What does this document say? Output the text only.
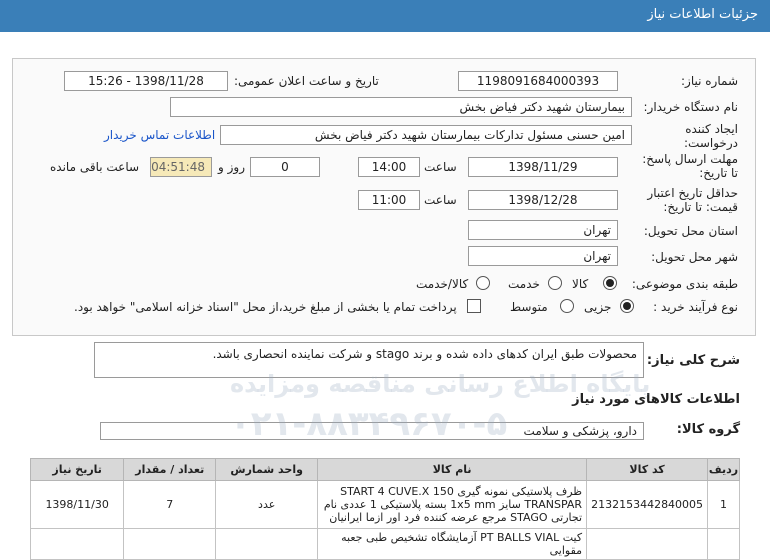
جزئیات اطلاعات نیاز
شماره نیاز:
1198091684000393
تاریخ و ساعت اعلان عمومی:
1398/11/28 - 15:26
نام دستگاه خریدار:
بیمارستان شهید دکتر فیاض بخش
ایجاد کننده
درخواست:
امین حسنی مسئول تدارکات بیمارستان شهید دکتر فیاض بخش
اطلاعات تماس خریدار
مهلت ارسال پاسخ:
تا تاریخ:
1398/11/29
ساعت
14:00
0
روز و
04:51:48
ساعت باقی مانده
حداقل تاریخ اعتبار
قیمت: تا تاریخ:
1398/12/28
ساعت
11:00
استان محل تحویل:
تهران
شهر محل تحویل:
تهران
طبقه بندی موضوعی:
کالا
خدمت
کالا/خدمت
نوع فرآیند خرید :
جزیی
متوسط
پرداخت تمام یا بخشی از مبلغ خرید،از محل "اسناد خزانه اسلامی" خواهد بود.
شرح کلی نیاز:
محصولات طبق ایران کدهای داده شده و برند stago و شرکت نماینده انحصاری باشد.
اطلاعات کالاهای مورد نیاز
گروه کالا:
دارو، پزشکی و سلامت
ردیف	کد کالا	نام کالا	واحد شمارش	تعداد / مقدار	تاریخ نیاز
1	2132153442840005	ظرف پلاستیکی نمونه گیری START 4 CUVE.X 150
TRANSPAR سایز 1x5 mm بسته پلاستیکی 1 عددی نام
تجارتی STAGO مرجع عرضه کننده فرد اور ازما ایرانیان	عدد	7	1398/11/30

		کیت PT BALLS VIAL آزمایشگاه تشخیص طبی جعبه مقوایی			

پایگاه اطلاع رسانی مناقصه ومزایده
۰۲۱-۸۸۳۴۹۶۷۰-۵
